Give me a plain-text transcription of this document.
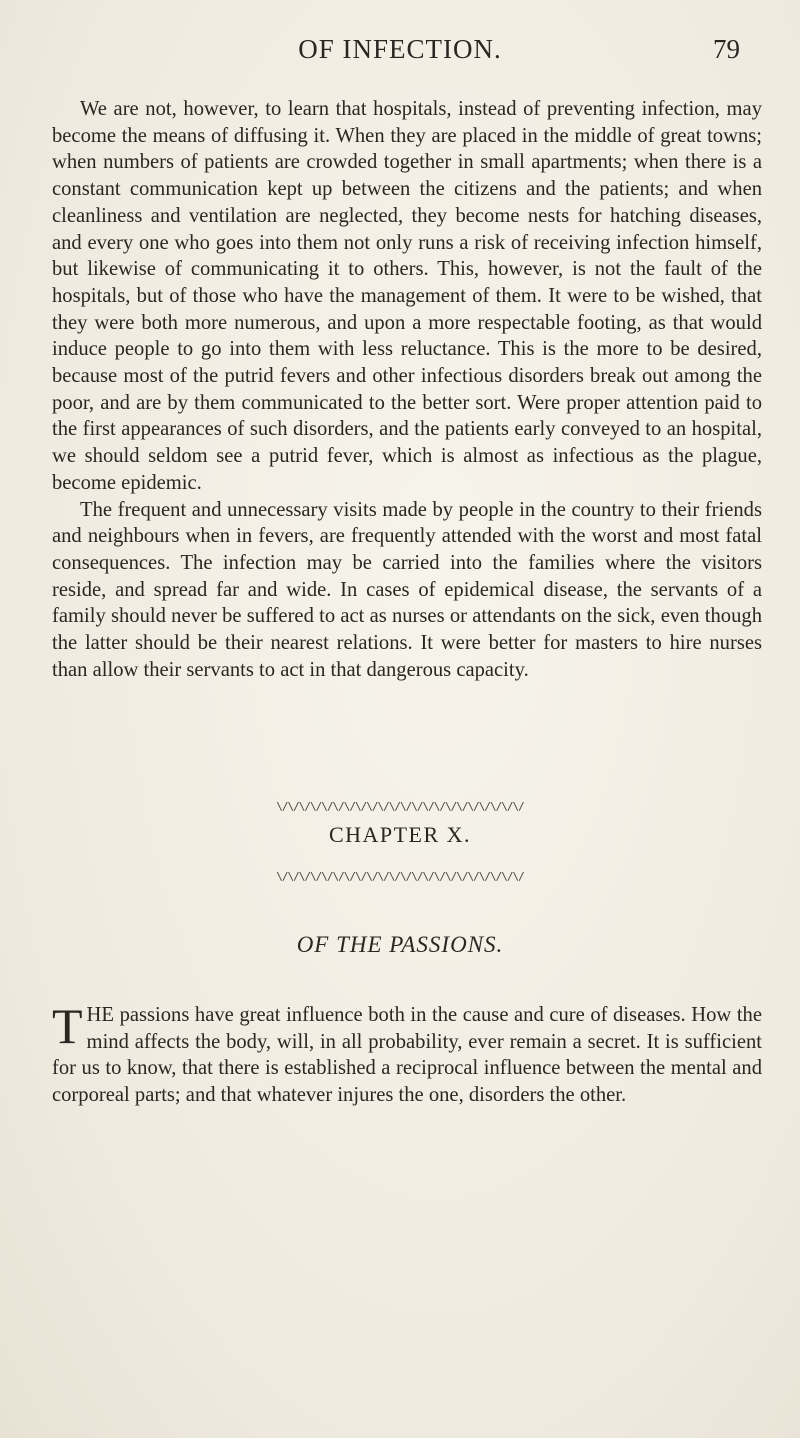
OF INFECTION.	79

We are not, however, to learn that hospitals, instead of preventing infection, may become the means of diffusing it. When they are placed in the middle of great towns; when numbers of patients are crowded together in small apartments; when there is a constant communication kept up between the citizens and the patients; and when cleanliness and ventilation are neglected, they become nests for hatching diseases, and every one who goes into them not only runs a risk of receiving infection himself, but likewise of communicating it to others. This, however, is not the fault of the hospitals, but of those who have the management of them. It were to be wished, that they were both more numerous, and upon a more respectable footing, as that would induce people to go into them with less reluctance. This is the more to be desired, because most of the putrid fevers and other infectious disorders break out among the poor, and are by them communicated to the better sort. Were proper attention paid to the first appearances of such disorders, and the patients early conveyed to an hospital, we should seldom see a putrid fever, which is almost as infectious as the plague, become epidemic.

The frequent and unnecessary visits made by people in the country to their friends and neighbours when in fevers, are frequently attended with the worst and most fatal consequences. The infection may be carried into the families where the visitors reside, and spread far and wide. In cases of epidemical disease, the servants of a family should never be suffered to act as nurses or attendants on the sick, even though the latter should be their nearest relations. It were better for masters to hire nurses than allow their servants to act in that dangerous capacity.

\/\/\/\/\/\/\/\/\/\/\/\/\/\/\/\/\/\/\/\/\/\/
CHAPTER X.
\/\/\/\/\/\/\/\/\/\/\/\/\/\/\/\/\/\/\/\/\/\/
OF THE PASSIONS.

THE passions have great influence both in the cause and cure of diseases. How the mind affects the body, will, in all probability, ever remain a secret. It is sufficient for us to know, that there is established a reciprocal influence between the mental and corporeal parts; and that whatever injures the one, disorders the other.
